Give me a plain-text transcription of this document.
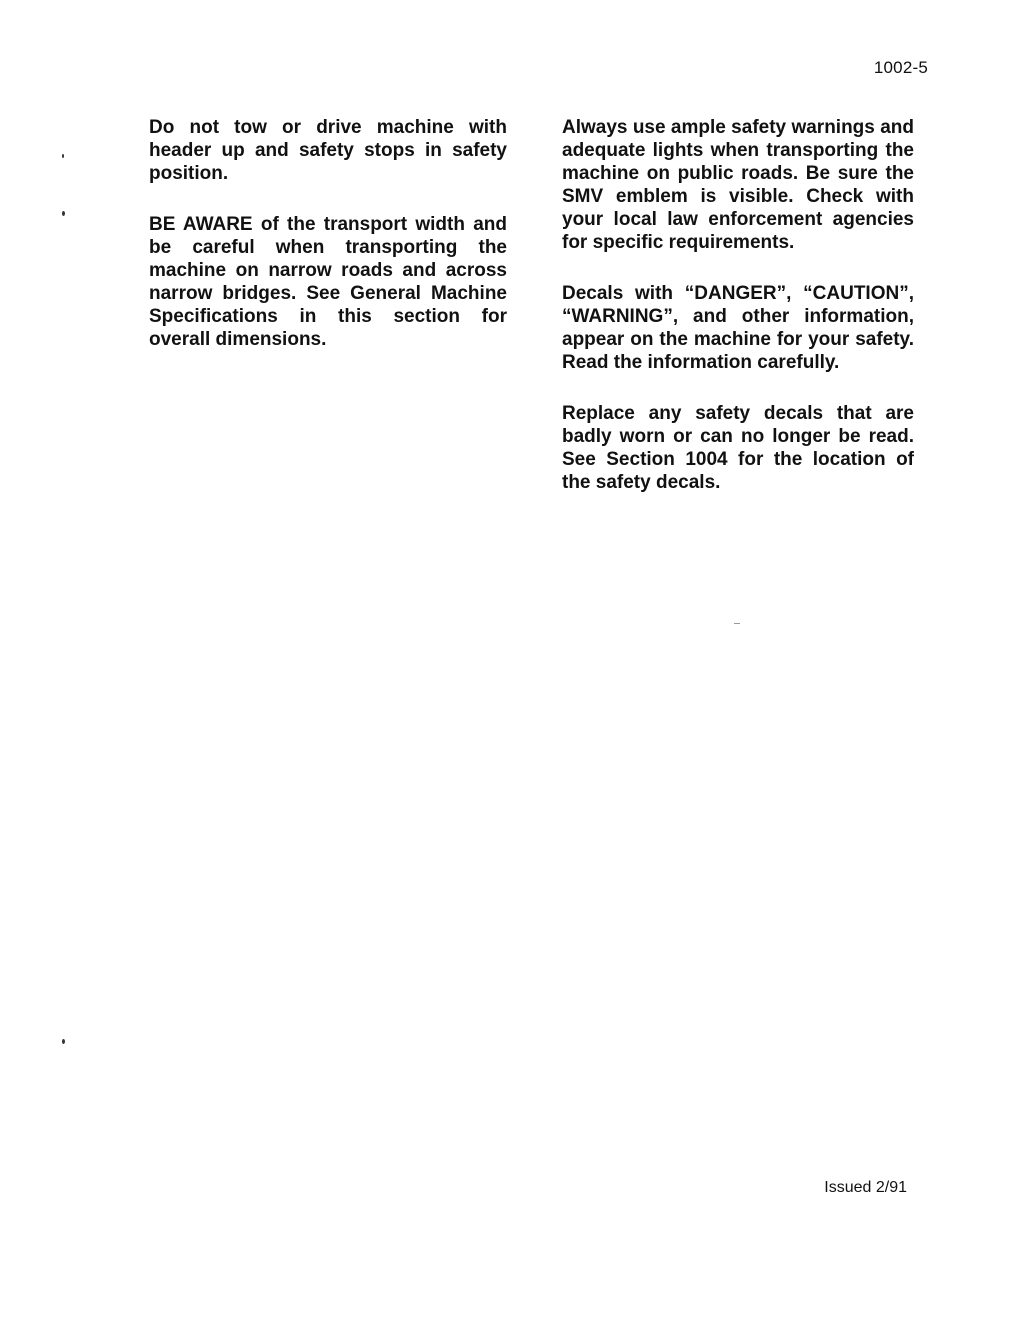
1002-5

Do not tow or drive machine with header up and safety stops in safety position.

BE AWARE of the transport width and be careful when transporting the machine on narrow roads and across narrow bridges. See General Machine Specifications in this section for overall dimensions.

Always use ample safety warnings and adequate lights when transporting the machine on public roads. Be sure the SMV emblem is visible. Check with your local law enforcement agencies for specific requirements.

Decals with “DANGER”, “CAUTION”, “WARNING”, and other information, appear on the machine for your safety. Read the information carefully.

Replace any safety decals that are badly worn or can no longer be read. See Section 1004 for the location of the safety decals.

Issued 2/91
